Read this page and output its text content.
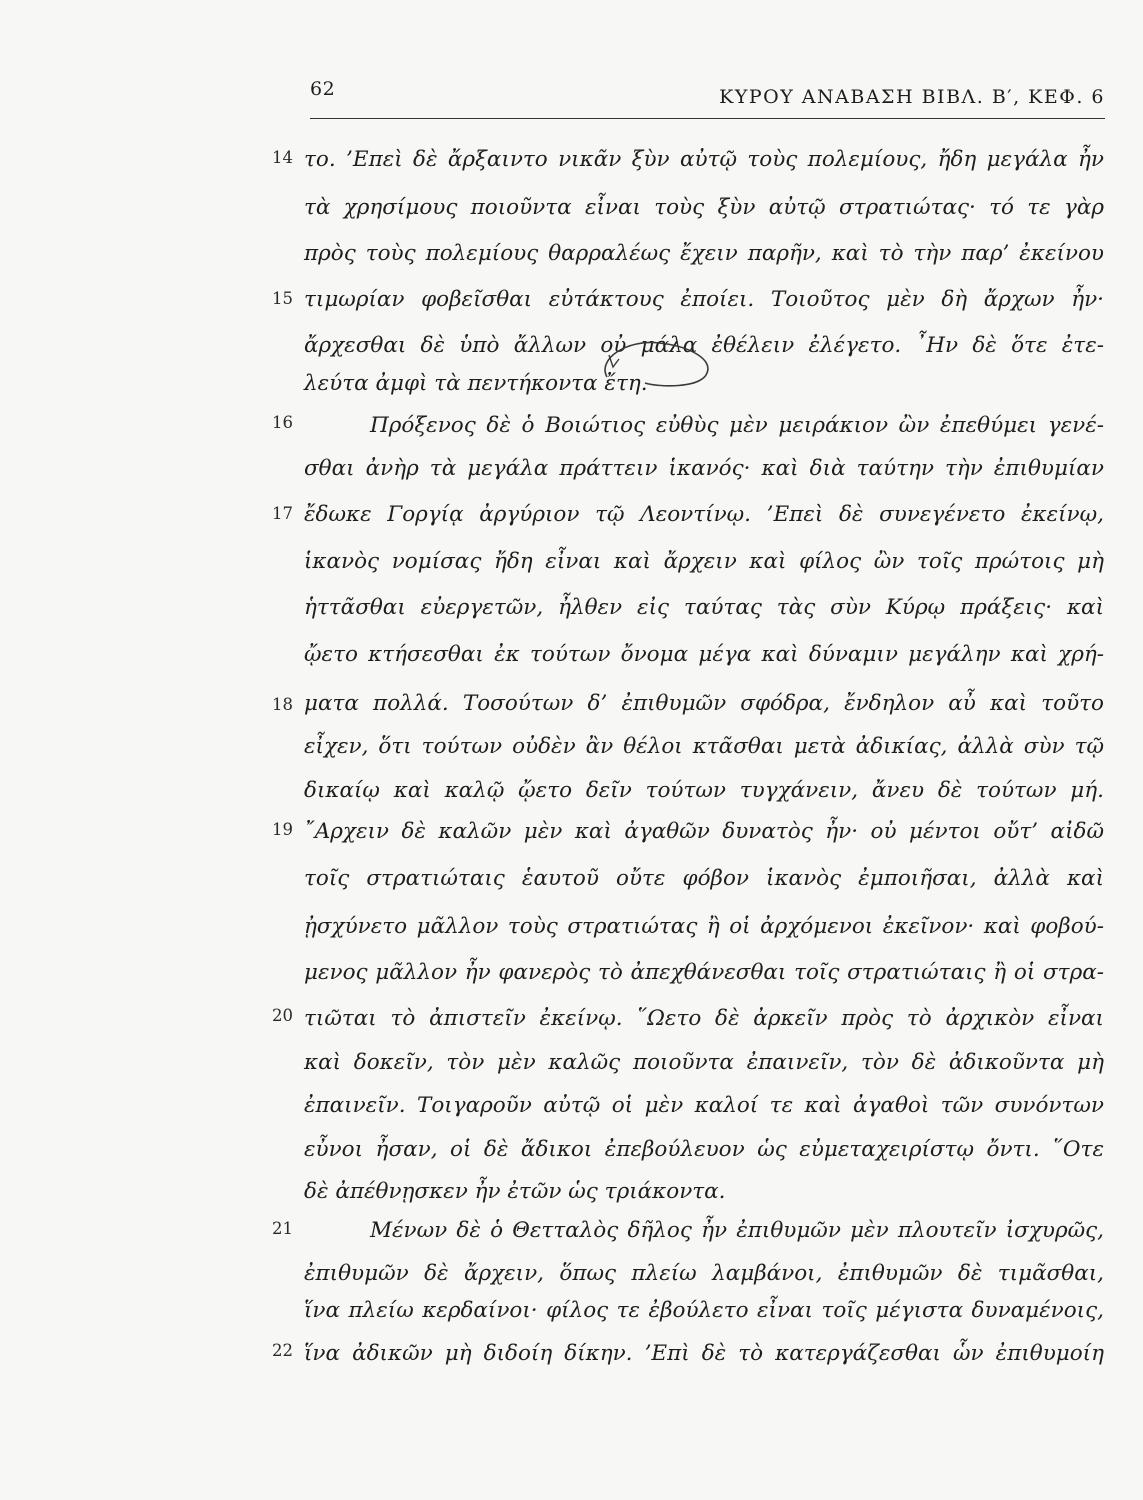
62	ΚΥΡΟΥ ΑΝΑΒΑΣΗ ΒΙΒΛ. Β′, ΚΕΦ. 6
14
15
16
17
18
19
20
21
22
το. ’Επεὶ δὲ ἄρξαιντο νικᾶν ξὺν αὐτῷ τοὺς πολεμίους, ἤδη μεγάλα ἦν
τὰ χρησίμους ποιοῦντα εἶναι τοὺς ξὺν αὐτῷ στρατιώτας· τό τε γὰρ
πρὸς τοὺς πολεμίους θαρραλέως ἔχειν παρῆν, καὶ τὸ τὴν παρ’ ἐκείνου
τιμωρίαν φοβεῖσθαι εὐτάκτους ἐποίει. Τοιοῦτος μὲν δὴ ἄρχων ἦν·
ἄρχεσθαι δὲ ὑπὸ ἄλλων οὐ μάλα ἐθέλειν ἐλέγετο. ῏Ην δὲ ὅτε ἐτε-
λεύτα ἀμφὶ τὰ πεντήκοντα ἔτη.
Πρόξενος δὲ ὁ Βοιώτιος εὐθὺς μὲν μειράκιον ὢν ἐπεθύμει γενέ-
σθαι ἀνὴρ τὰ μεγάλα πράττειν ἱκανός· καὶ διὰ ταύτην τὴν ἐπιθυμίαν
ἔδωκε Γοργίᾳ ἀργύριον τῷ Λεοντίνῳ. ’Επεὶ δὲ συνεγένετο ἐκείνῳ,
ἱκανὸς νομίσας ἤδη εἶναι καὶ ἄρχειν καὶ φίλος ὢν τοῖς πρώτοις μὴ
ἡττᾶσθαι εὐεργετῶν, ἦλθεν εἰς ταύτας τὰς σὺν Κύρῳ πράξεις· καὶ
ᾤετο κτήσεσθαι ἐκ τούτων ὄνομα μέγα καὶ δύναμιν μεγάλην καὶ χρή-
ματα πολλά. Τοσούτων δ’ ἐπιθυμῶν σφόδρα, ἔνδηλον αὖ καὶ τοῦτο
εἶχεν, ὅτι τούτων οὐδὲν ἂν θέλοι κτᾶσθαι μετὰ ἀδικίας, ἀλλὰ σὺν τῷ
δικαίῳ καὶ καλῷ ᾤετο δεῖν τούτων τυγχάνειν, ἄνευ δὲ τούτων μή.
῎Αρχειν δὲ καλῶν μὲν καὶ ἀγαθῶν δυνατὸς ἦν· οὐ μέντοι οὔτ’ αἰδῶ
τοῖς στρατιώταις ἑαυτοῦ οὔτε φόβον ἱκανὸς ἐμποιῆσαι, ἀλλὰ καὶ
ᾐσχύνετο μᾶλλον τοὺς στρατιώτας ἢ οἱ ἀρχόμενοι ἐκεῖνον· καὶ φοβού-
μενος μᾶλλον ἦν φανερὸς τὸ ἀπεχθάνεσθαι τοῖς στρατιώταις ἢ οἱ στρα-
τιῶται τὸ ἀπιστεῖν ἐκείνῳ. ῞Ωετο δὲ ἀρκεῖν πρὸς τὸ ἀρχικὸν εἶναι
καὶ δοκεῖν, τὸν μὲν καλῶς ποιοῦντα ἐπαινεῖν, τὸν δὲ ἀδικοῦντα μὴ
ἐπαινεῖν. Τοιγαροῦν αὐτῷ οἱ μὲν καλοί τε καὶ ἀγαθοὶ τῶν συνόντων
εὖνοι ἦσαν, οἱ δὲ ἄδικοι ἐπεβούλευον ὡς εὐμεταχειρίστῳ ὄντι. ῞Οτε
δὲ ἀπέθνῃσκεν ἦν ἐτῶν ὡς τριάκοντα.
Μένων δὲ ὁ Θετταλὸς δῆλος ἦν ἐπιθυμῶν μὲν πλουτεῖν ἰσχυρῶς,
ἐπιθυμῶν δὲ ἄρχειν, ὅπως πλείω λαμβάνοι, ἐπιθυμῶν δὲ τιμᾶσθαι,
ἵνα πλείω κερδαίνοι· φίλος τε ἐβούλετο εἶναι τοῖς μέγιστα δυναμένοις,
ἵνα ἀδικῶν μὴ διδοίη δίκην. ’Επὶ δὲ τὸ κατεργάζεσθαι ὧν ἐπιθυμοίη
